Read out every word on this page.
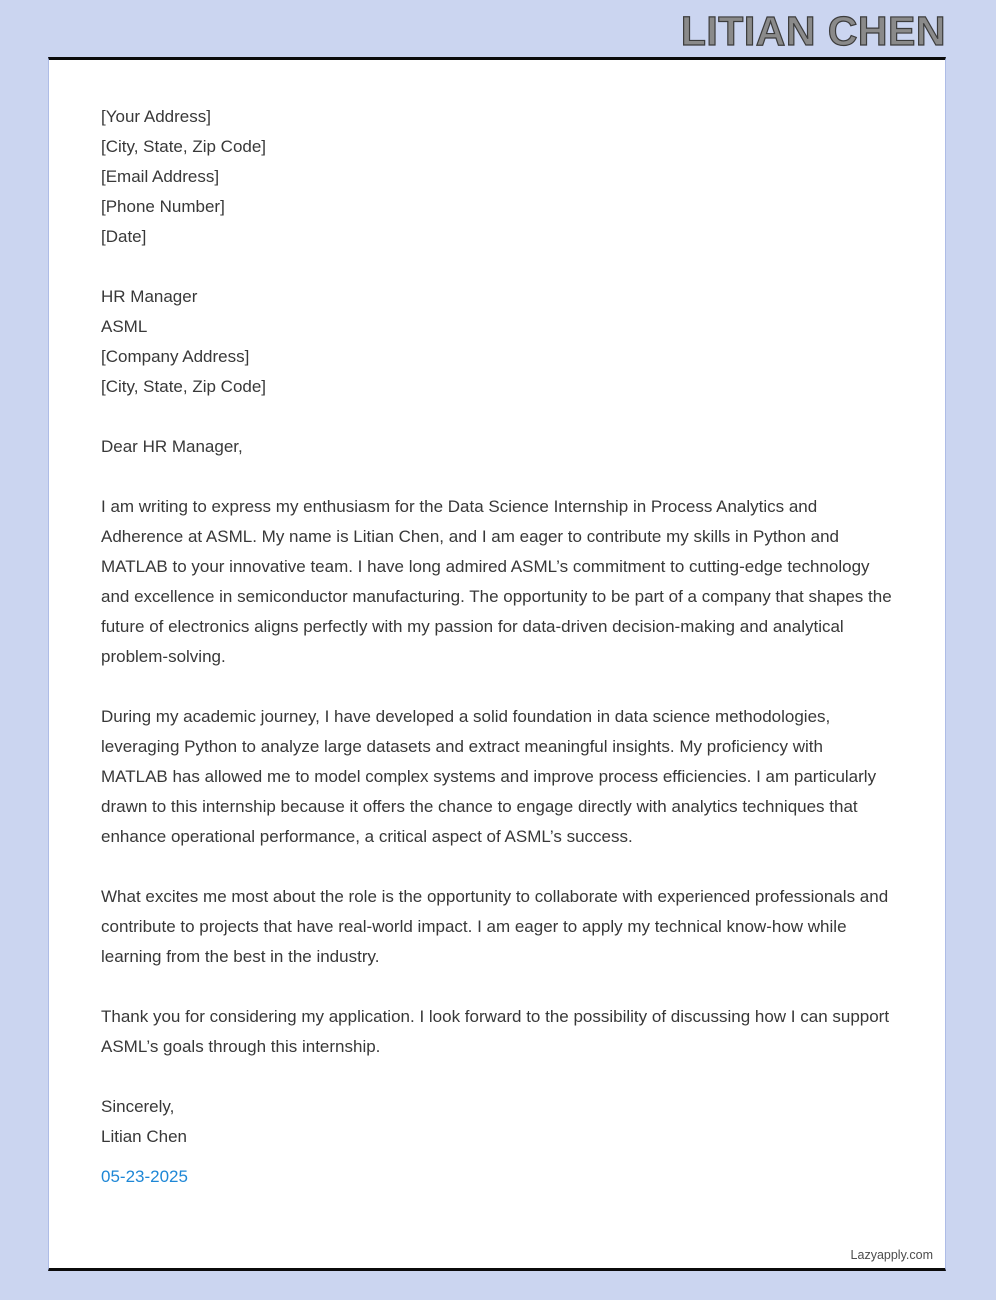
LITIAN CHEN
[Your Address]
[City, State, Zip Code]
[Email Address]
[Phone Number]
[Date]
HR Manager
ASML
[Company Address]
[City, State, Zip Code]
Dear HR Manager,

I am writing to express my enthusiasm for the Data Science Internship in Process Analytics and Adherence at ASML. My name is Litian Chen, and I am eager to contribute my skills in Python and MATLAB to your innovative team. I have long admired ASML’s commitment to cutting-edge technology and excellence in semiconductor manufacturing. The opportunity to be part of a company that shapes the future of electronics aligns perfectly with my passion for data-driven decision-making and analytical problem-solving.

During my academic journey, I have developed a solid foundation in data science methodologies, leveraging Python to analyze large datasets and extract meaningful insights. My proficiency with MATLAB has allowed me to model complex systems and improve process efficiencies. I am particularly drawn to this internship because it offers the chance to engage directly with analytics techniques that enhance operational performance, a critical aspect of ASML’s success.

What excites me most about the role is the opportunity to collaborate with experienced professionals and contribute to projects that have real-world impact. I am eager to apply my technical know-how while learning from the best in the industry.

Thank you for considering my application. I look forward to the possibility of discussing how I can support ASML’s goals through this internship.

Sincerely,
Litian Chen
05-23-2025
Lazyapply.com
